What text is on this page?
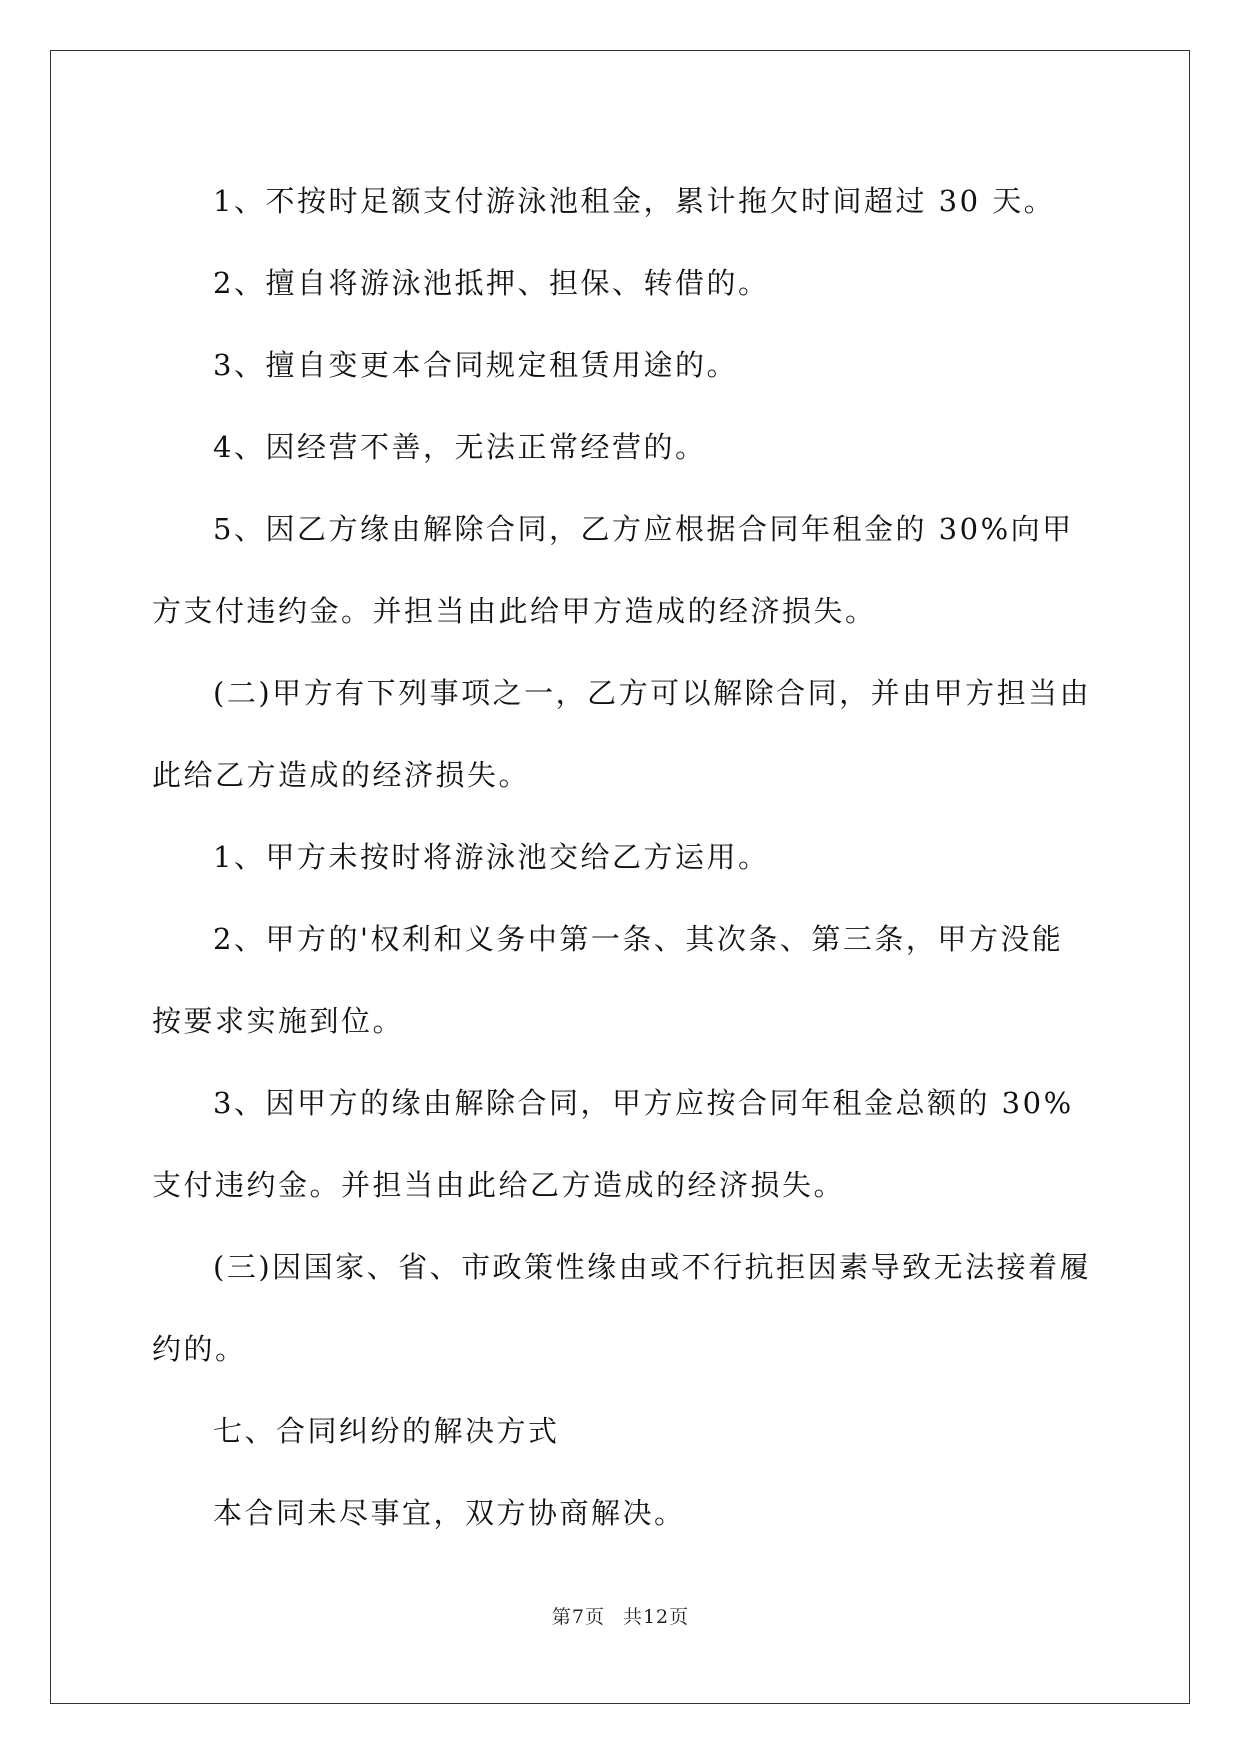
1、不按时足额支付游泳池租金，累计拖欠时间超过 30 天。

2、擅自将游泳池抵押、担保、转借的。

3、擅自变更本合同规定租赁用途的。

4、因经营不善，无法正常经营的。

5、因乙方缘由解除合同，乙方应根据合同年租金的 30%向甲方支付违约金。并担当由此给甲方造成的经济损失。

(二)甲方有下列事项之一，乙方可以解除合同，并由甲方担当由此给乙方造成的经济损失。

1、甲方未按时将游泳池交给乙方运用。

2、甲方的'权利和义务中第一条、其次条、第三条，甲方没能按要求实施到位。

3、因甲方的缘由解除合同，甲方应按合同年租金总额的 30%支付违约金。并担当由此给乙方造成的经济损失。

(三)因国家、省、市政策性缘由或不行抗拒因素导致无法接着履约的。

七、合同纠纷的解决方式

本合同未尽事宜，双方协商解决。

第7页 共12页
